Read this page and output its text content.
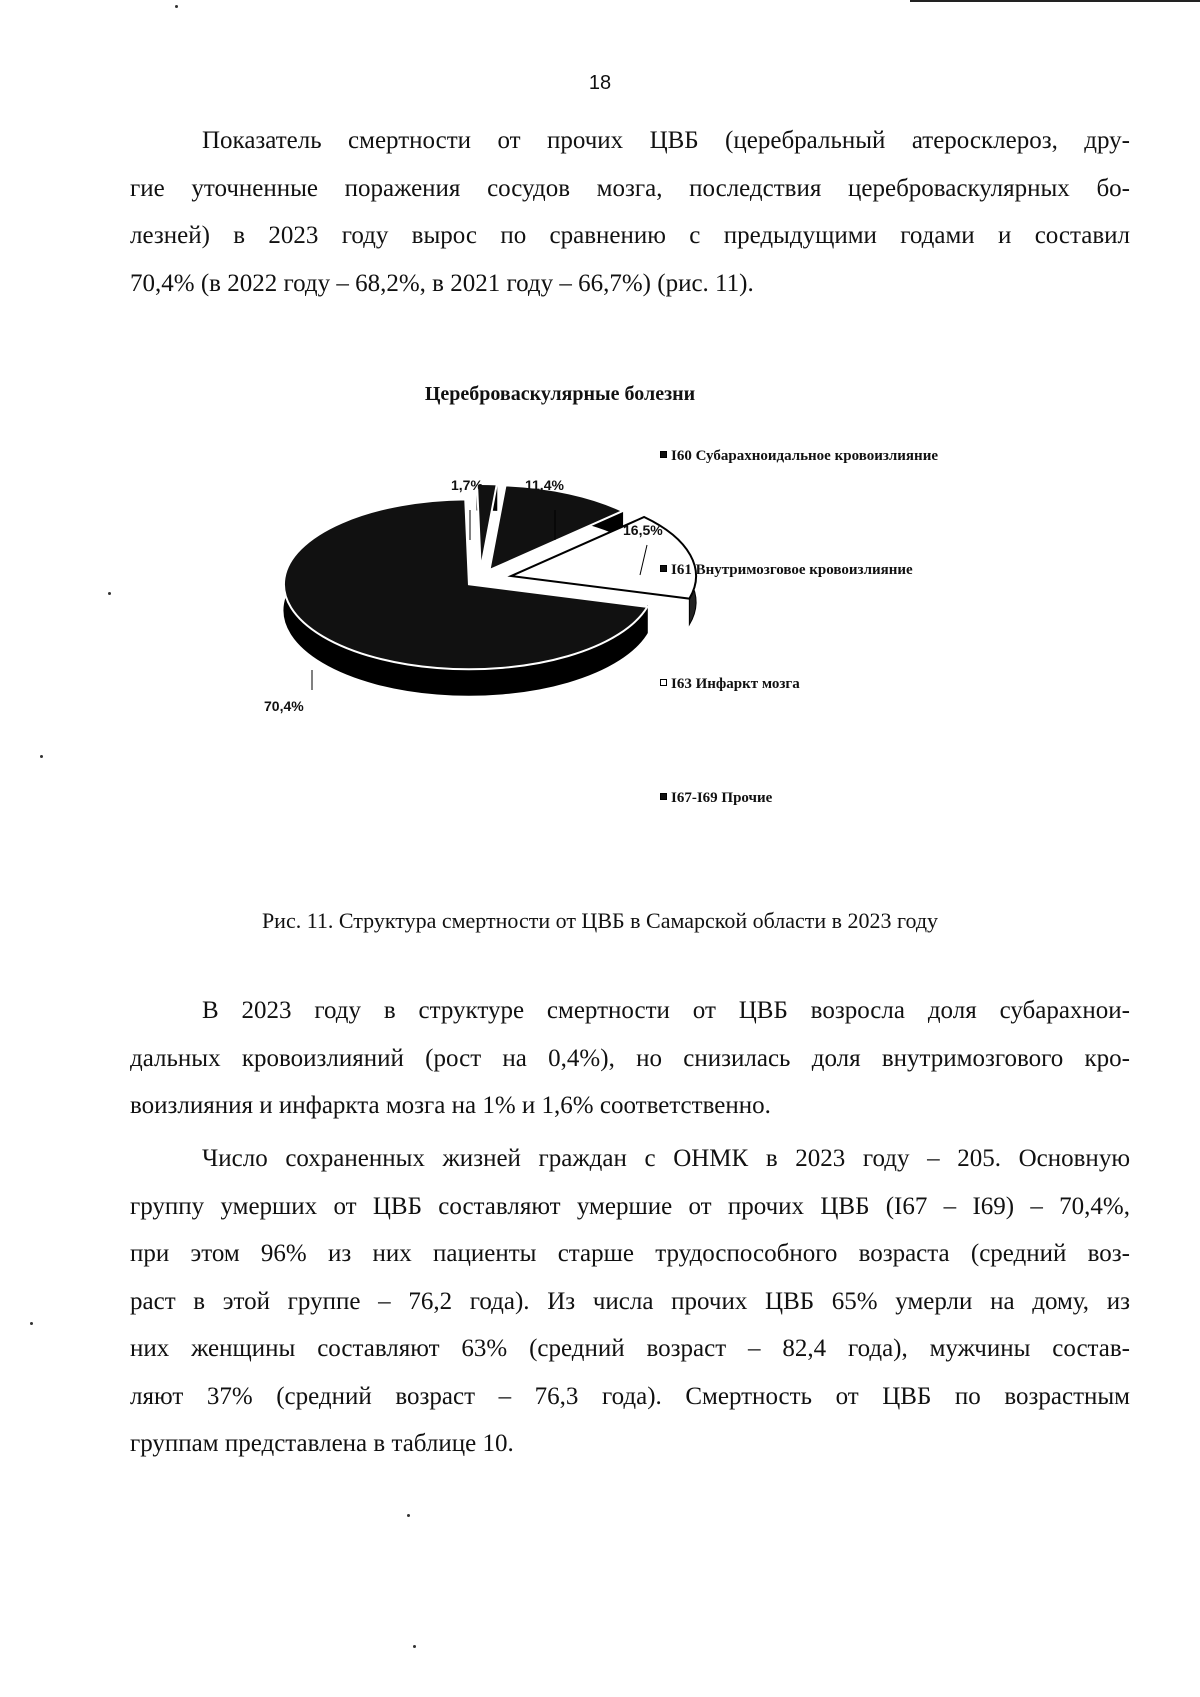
18
Показатель смертности от прочих ЦВБ (церебральный атеросклероз, дру-
гие уточненные поражения сосудов мозга, последствия цереброваскулярных бо-
лезней) в 2023 году вырос по сравнению с предыдущими годами и составил
70,4% (в 2022 году – 68,2%, в 2021 году – 66,7%) (рис. 11).
Цереброваскулярные болезни
1,7%	11,4%
16,5%
70,4%
I60 Субарахноидальное кровоизлияние
I61 Внутримозговое кровоизлияние
I63 Инфаркт мозга
I67-I69 Прочие
Рис. 11. Структура смертности от ЦВБ в Самарской области в 2023 году
В 2023 году в структуре смертности от ЦВБ возросла доля субарахнои-
дальных кровоизлияний (рост на 0,4%), но снизилась доля внутримозгового кро-
воизлияния и инфаркта мозга на 1% и 1,6% соответственно.
Число сохраненных жизней граждан с ОНМК в 2023 году – 205. Основную
группу умерших от ЦВБ составляют умершие от прочих ЦВБ (I67 – I69) – 70,4%,
при этом 96% из них пациенты старше трудоспособного возраста (средний воз-
раст в этой группе – 76,2 года). Из числа прочих ЦВБ 65% умерли на дому, из
них женщины составляют 63% (средний возраст – 82,4 года), мужчины состав-
ляют 37% (средний возраст – 76,3 года). Смертность от ЦВБ по возрастным
группам представлена в таблице 10.
